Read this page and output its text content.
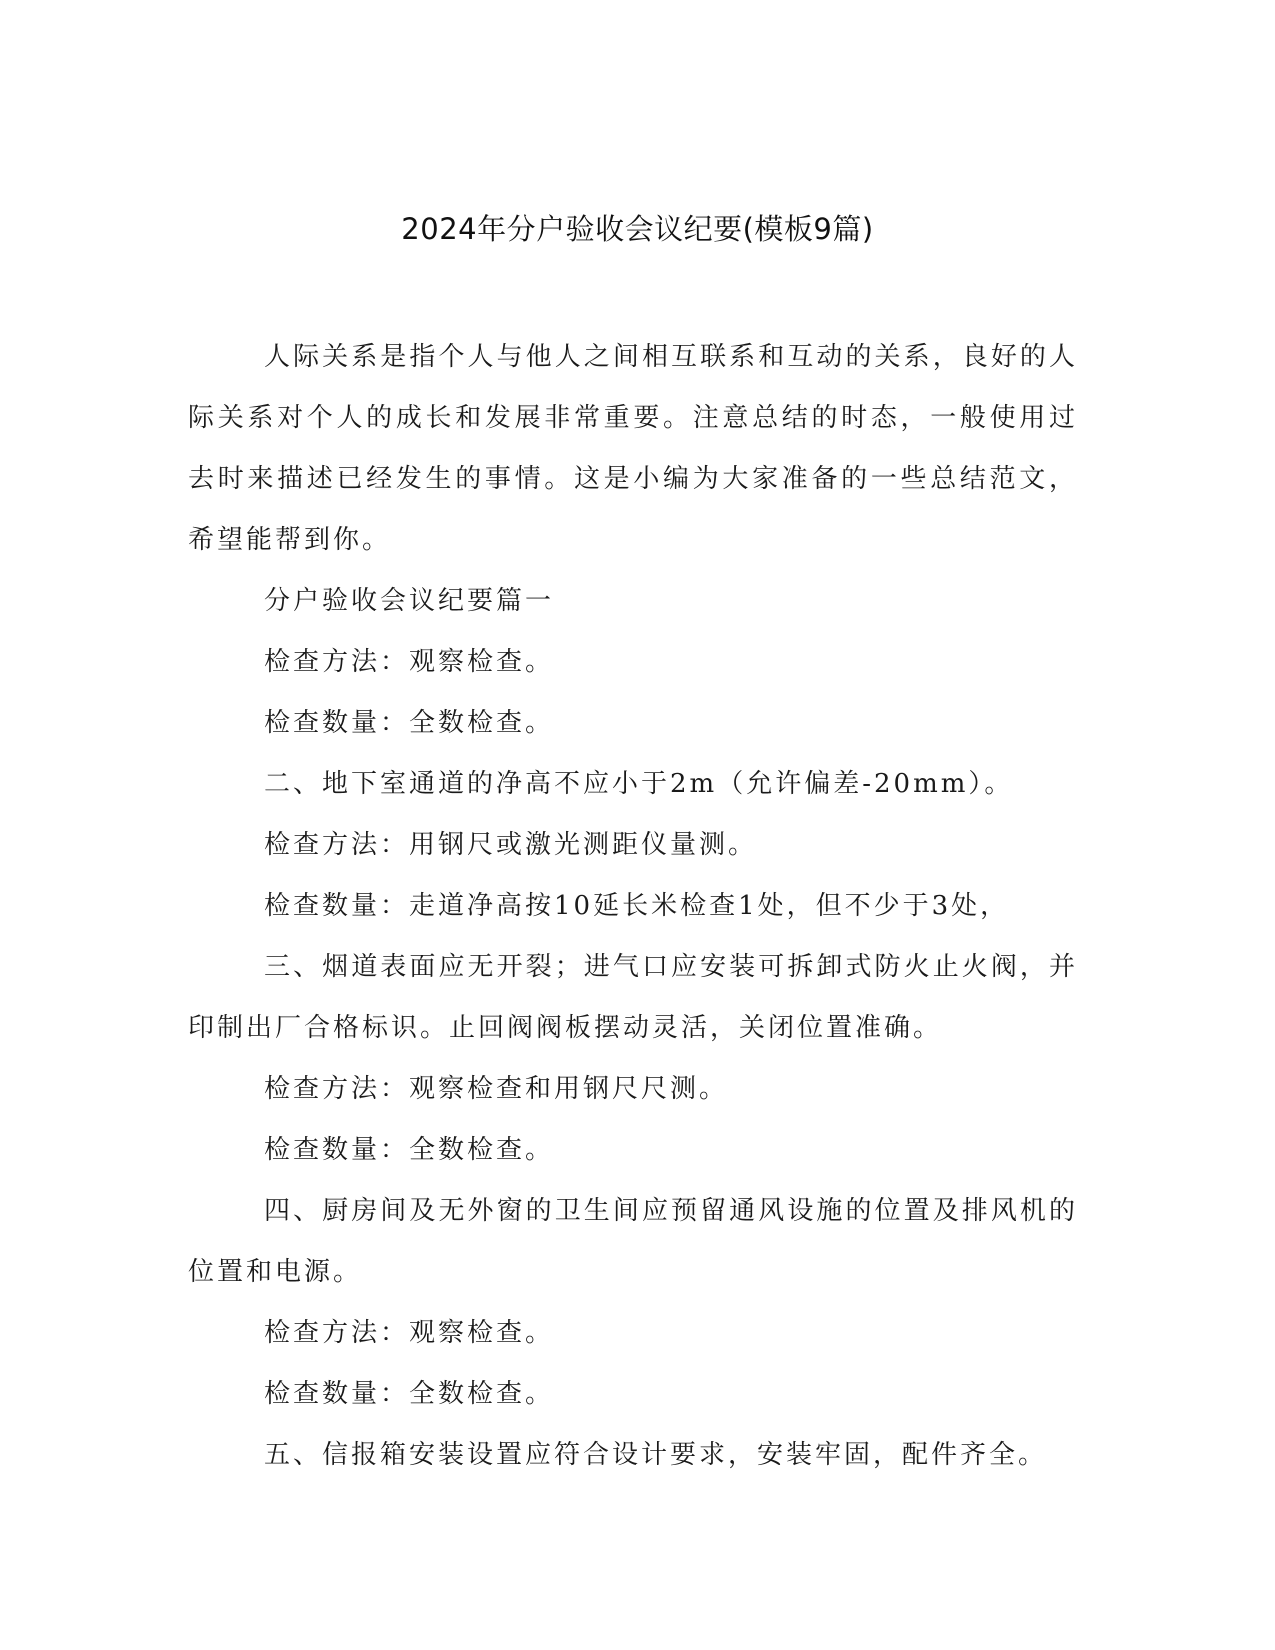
2024年分户验收会议纪要(模板9篇)

人际关系是指个人与他人之间相互联系和互动的关系，良好的人际关系对个人的成长和发展非常重要。注意总结的时态，一般使用过去时来描述已经发生的事情。这是小编为大家准备的一些总结范文，希望能帮到你。

分户验收会议纪要篇一

检查方法：观察检查。

检查数量：全数检查。

二、地下室通道的净高不应小于2m（允许偏差-20mm）。

检查方法：用钢尺或激光测距仪量测。

检查数量：走道净高按10延长米检查1处，但不少于3处，

三、烟道表面应无开裂；进气口应安装可拆卸式防火止火阀，并印制出厂合格标识。止回阀阀板摆动灵活，关闭位置准确。

检查方法：观察检查和用钢尺尺测。

检查数量：全数检查。

四、厨房间及无外窗的卫生间应预留通风设施的位置及排风机的位置和电源。

检查方法：观察检查。

检查数量：全数检查。

五、信报箱安装设置应符合设计要求，安装牢固，配件齐全。
